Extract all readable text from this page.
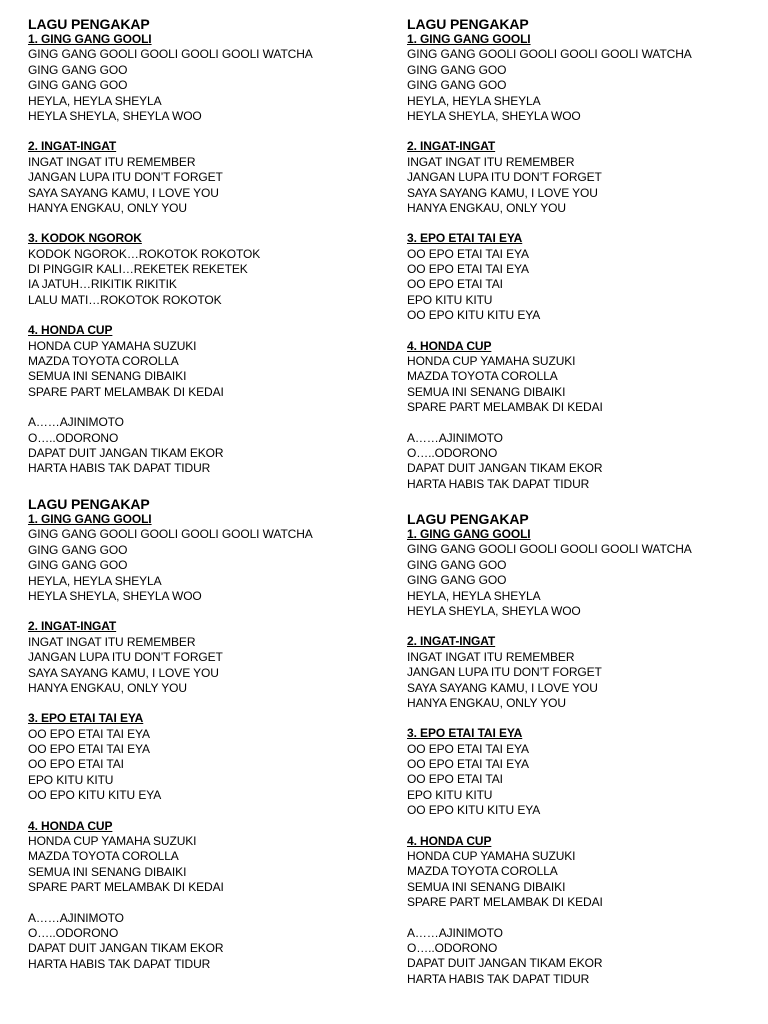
LAGU PENGAKAP
1. GING GANG GOOLI
GING GANG GOOLI GOOLI GOOLI GOOLI WATCHA
GING GANG GOO
GING GANG GOO
HEYLA, HEYLA SHEYLA
HEYLA SHEYLA, SHEYLA WOO
2. INGAT-INGAT
INGAT INGAT ITU REMEMBER
JANGAN LUPA ITU DON’T FORGET
SAYA SAYANG KAMU, I LOVE YOU
HANYA ENGKAU, ONLY YOU
3. KODOK NGOROK
KODOK NGOROK…ROKOTOK ROKOTOK
DI PINGGIR KALI…REKETEK REKETEK
IA JATUH…RIKITIK RIKITIK
LALU MATI…ROKOTOK ROKOTOK
4. HONDA CUP
HONDA CUP YAMAHA SUZUKI
MAZDA TOYOTA COROLLA
SEMUA INI SENANG DIBAIKI
SPARE PART MELAMBAK DI KEDAI
A……AJINIMOTO
O…..ODORONO
DAPAT DUIT JANGAN TIKAM EKOR
HARTA HABIS TAK DAPAT TIDUR
LAGU PENGAKAP
1. GING GANG GOOLI
GING GANG GOOLI GOOLI GOOLI GOOLI WATCHA
GING GANG GOO
GING GANG GOO
HEYLA, HEYLA SHEYLA
HEYLA SHEYLA, SHEYLA WOO
2. INGAT-INGAT
INGAT INGAT ITU REMEMBER
JANGAN LUPA ITU DON’T FORGET
SAYA SAYANG KAMU, I LOVE YOU
HANYA ENGKAU, ONLY YOU
3. EPO ETAI TAI EYA
OO EPO ETAI TAI EYA
OO EPO ETAI TAI EYA
OO EPO ETAI TAI
EPO KITU KITU
OO EPO KITU KITU EYA
4. HONDA CUP
HONDA CUP YAMAHA SUZUKI
MAZDA TOYOTA COROLLA
SEMUA INI SENANG DIBAIKI
SPARE PART MELAMBAK DI KEDAI
A……AJINIMOTO
O…..ODORONO
DAPAT DUIT JANGAN TIKAM EKOR
HARTA HABIS TAK DAPAT TIDUR
LAGU PENGAKAP
1. GING GANG GOOLI
GING GANG GOOLI GOOLI GOOLI GOOLI WATCHA
GING GANG GOO
GING GANG GOO
HEYLA, HEYLA SHEYLA
HEYLA SHEYLA, SHEYLA WOO
2. INGAT-INGAT
INGAT INGAT ITU REMEMBER
JANGAN LUPA ITU DON’T FORGET
SAYA SAYANG KAMU, I LOVE YOU
HANYA ENGKAU, ONLY YOU
3. EPO ETAI TAI EYA
OO EPO ETAI TAI EYA
OO EPO ETAI TAI EYA
OO EPO ETAI TAI
EPO KITU KITU
OO EPO KITU KITU EYA
4. HONDA CUP
HONDA CUP YAMAHA SUZUKI
MAZDA TOYOTA COROLLA
SEMUA INI SENANG DIBAIKI
SPARE PART MELAMBAK DI KEDAI
A……AJINIMOTO
O…..ODORONO
DAPAT DUIT JANGAN TIKAM EKOR
HARTA HABIS TAK DAPAT TIDUR
LAGU PENGAKAP
1. GING GANG GOOLI
GING GANG GOOLI GOOLI GOOLI GOOLI WATCHA
GING GANG GOO
GING GANG GOO
HEYLA, HEYLA SHEYLA
HEYLA SHEYLA, SHEYLA WOO
2. INGAT-INGAT
INGAT INGAT ITU REMEMBER
JANGAN LUPA ITU DON’T FORGET
SAYA SAYANG KAMU, I LOVE YOU
HANYA ENGKAU, ONLY YOU
3. EPO ETAI TAI EYA
OO EPO ETAI TAI EYA
OO EPO ETAI TAI EYA
OO EPO ETAI TAI
EPO KITU KITU
OO EPO KITU KITU EYA
4. HONDA CUP
HONDA CUP YAMAHA SUZUKI
MAZDA TOYOTA COROLLA
SEMUA INI SENANG DIBAIKI
SPARE PART MELAMBAK DI KEDAI
A……AJINIMOTO
O…..ODORONO
DAPAT DUIT JANGAN TIKAM EKOR
HARTA HABIS TAK DAPAT TIDUR
